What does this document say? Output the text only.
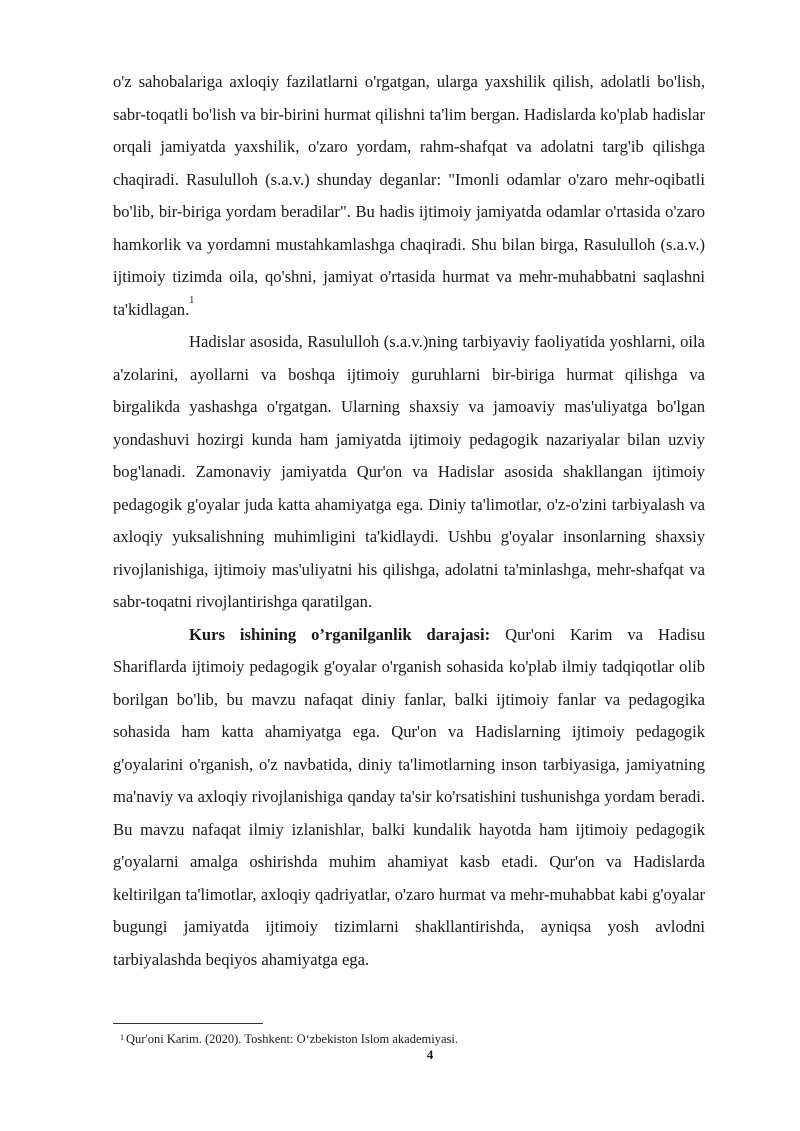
o'z sahobalariga axloqiy fazilatlarni o'rgatgan, ularga yaxshilik qilish, adolatli bo'lish, sabr-toqatli bo'lish va bir-birini hurmat qilishni ta'lim bergan. Hadislarda ko'plab hadislar orqali jamiyatda yaxshilik, o'zaro yordam, rahm-shafqat va adolatni targ'ib qilishga chaqiradi. Rasululloh (s.a.v.) shunday deganlar: "Imonli odamlar o'zaro mehr-oqibatli bo'lib, bir-biriga yordam beradilar". Bu hadis ijtimoiy jamiyatda odamlar o'rtasida o'zaro hamkorlik va yordamni mustahkamlashga chaqiradi. Shu bilan birga, Rasululloh (s.a.v.) ijtimoiy tizimda oila, qo'shni, jamiyat o'rtasida hurmat va mehr-muhabbatni saqlashni ta'kidlagan.$^1$

Hadislar asosida, Rasululloh (s.a.v.)ning tarbiyaviy faoliyatida yoshlarni, oila a'zolarini, ayollarni va boshqa ijtimoiy guruhlarni bir-biriga hurmat qilishga va birgalikda yashashga o'rgatgan. Ularning shaxsiy va jamoaviy mas'uliyatga bo'lgan yondashuvi hozirgi kunda ham jamiyatda ijtimoiy pedagogik nazariyalar bilan uzviy bog'lanadi. Zamonaviy jamiyatda Qur'on va Hadislar asosida shakllangan ijtimoiy pedagogik g'oyalar juda katta ahamiyatga ega. Diniy ta'limotlar, o'z-o'zini tarbiyalash va axloqiy yuksalishning muhimligini ta'kidlaydi. Ushbu g'oyalar insonlarning shaxsiy rivojlanishiga, ijtimoiy mas'uliyatni his qilishga, adolatni ta'minlashga, mehr-shafqat va sabr-toqatni rivojlantirishga qaratilgan.

Kurs ishining o’rganilganlik darajasi: Qur'oni Karim va Hadisu Shariflarda ijtimoiy pedagogik g'oyalar o'rganish sohasida ko'plab ilmiy tadqiqotlar olib borilgan bo'lib, bu mavzu nafaqat diniy fanlar, balki ijtimoiy fanlar va pedagogika sohasida ham katta ahamiyatga ega. Qur'on va Hadislarning ijtimoiy pedagogik g'oyalarini o'rganish, o'z navbatida, diniy ta'limotlarning inson tarbiyasiga, jamiyatning ma'naviy va axloqiy rivojlanishiga qanday ta'sir ko'rsatishini tushunishga yordam beradi. Bu mavzu nafaqat ilmiy izlanishlar, balki kundalik hayotda ham ijtimoiy pedagogik g'oyalarni amalga oshirishda muhim ahamiyat kasb etadi. Qur'on va Hadislarda keltirilgan ta'limotlar, axloqiy qadriyatlar, o'zaro hurmat va mehr-muhabbat kabi g'oyalar bugungi jamiyatda ijtimoiy tizimlarni shakllantirishda, ayniqsa yosh avlodni tarbiyalashda beqiyos ahamiyatga ega.

$^1$ Qur'oni Karim. (2020). Toshkent: O‘zbekiston Islom akademiyasi.
4
